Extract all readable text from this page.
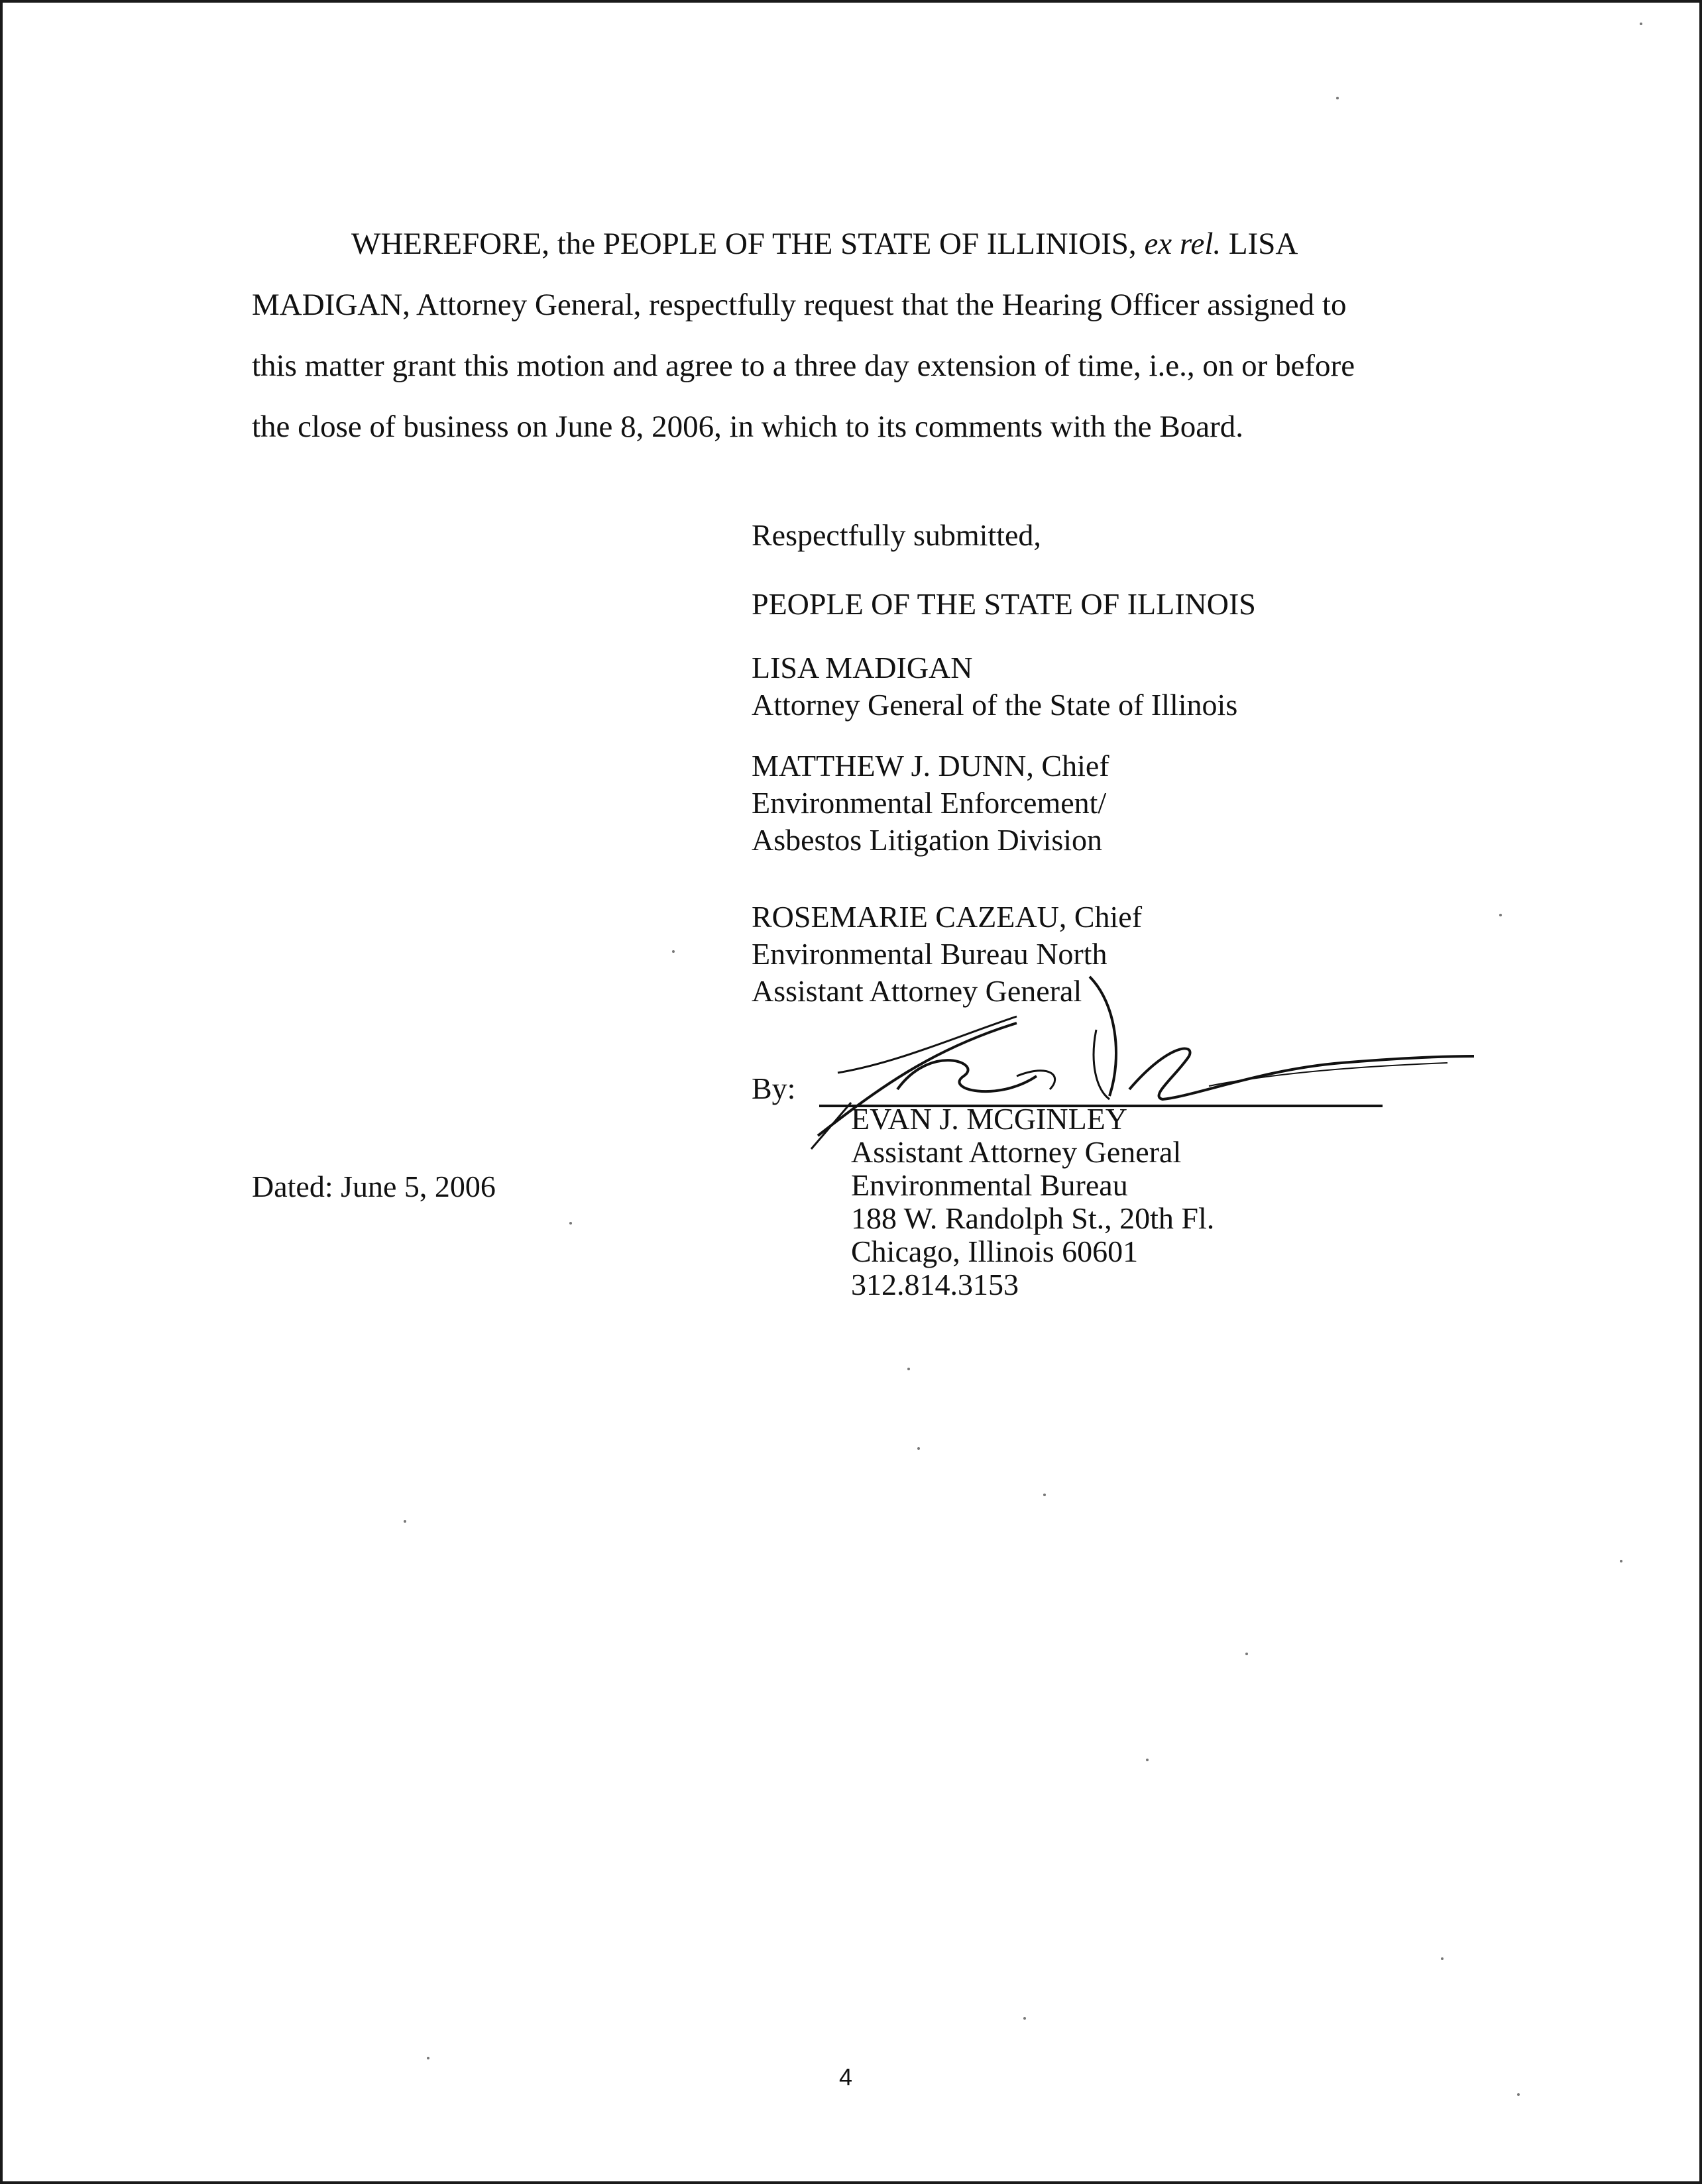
WHEREFORE, the PEOPLE OF THE STATE OF ILLINIOIS, ex rel. LISA
MADIGAN, Attorney General, respectfully request that the Hearing Officer assigned to
this matter grant this motion and agree to a three day extension of time, i.e., on or before
the close of business on June 8, 2006, in which to its comments with the Board.
Respectfully submitted,
PEOPLE OF THE STATE OF ILLINOIS
LISA MADIGAN
Attorney General of the State of Illinois
MATTHEW J. DUNN, Chief
Environmental Enforcement/
Asbestos Litigation Division
ROSEMARIE CAZEAU, Chief
Environmental Bureau North
Assistant Attorney General
By:
EVAN J. MCGINLEY
Assistant Attorney General
Environmental Bureau
188 W. Randolph St., 20th Fl.
Chicago, Illinois 60601
312.814.3153
Dated: June 5, 2006
4
